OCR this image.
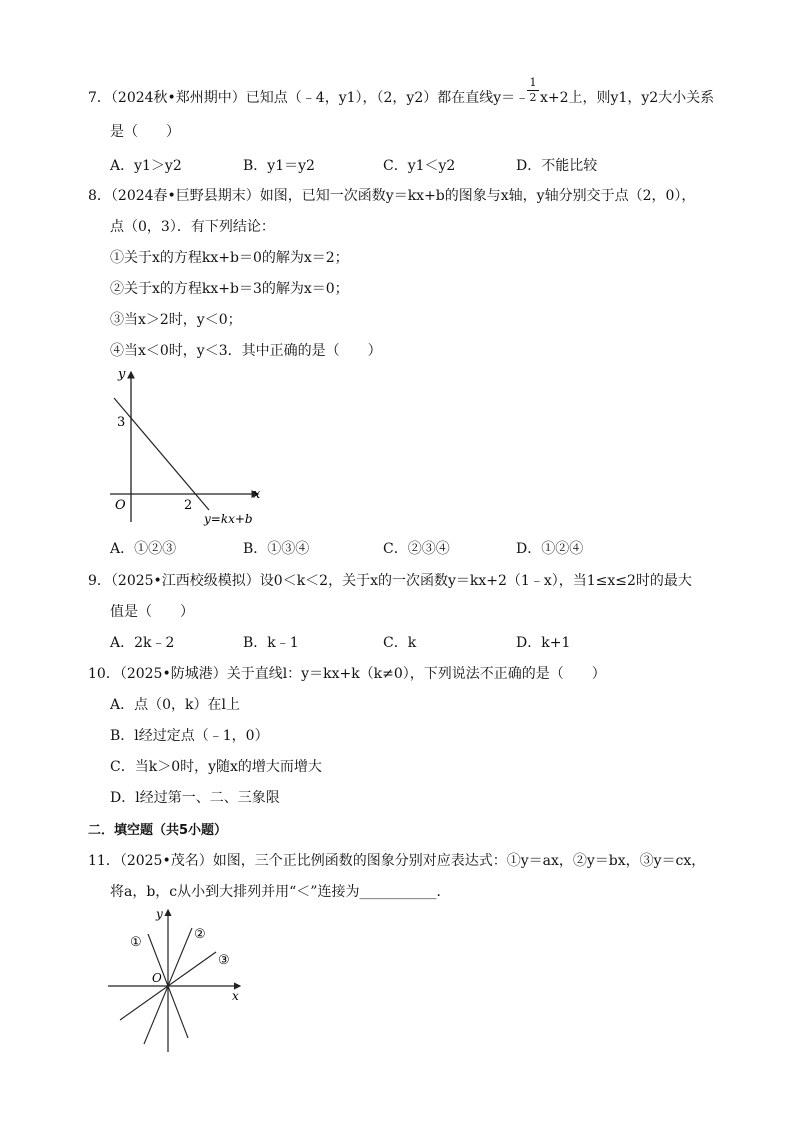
7．（2024秋•郑州期中）已知点（﹣4，y1），（2，y2）都在直线y＝﹣
1
2 x+2上，则y1，y2大小关系
是（　　）
A．y1＞y2	B．y1＝y2	C．y1＜y2	D．不能比较
8．（2024春•巨野县期末）如图，已知一次函数y＝kx+b的图象与x轴，y轴分别交于点（2，0），
点（0，3）．有下列结论：
①关于x的方程kx+b＝0的解为x＝2；
②关于x的方程kx+b＝3的解为x＝0；
③当x＞2时，y＜0；
④当x＜0时，y＜3．其中正确的是（　　）
y
x
O
3
2
y=kx+b
A．①②③	B．①③④	C．②③④	D．①②④
9．（2025•江西校级模拟）设0＜k＜2，关于x的一次函数y＝kx+2（1﹣x），当1≤x≤2时的最大
值是（　　）
A．2k﹣2	B．k﹣1	C．k	D．k+1
10．（2025•防城港）关于直线l：y＝kx+k（k≠0），下列说法不正确的是（　　）
A．点（0，k）在l上
B．l经过定点（﹣1，0）
C．当k＞0时，y随x的增大而增大
D．l经过第一、二、三象限
二．填空题（共5小题）
11．（2025•茂名）如图，三个正比例函数的图象分别对应表达式：①y＝ax，②y＝bx，③y＝cx，
将a，b，c从小到大排列并用“＜”连接为___________．
y
x
O
①
②
③
